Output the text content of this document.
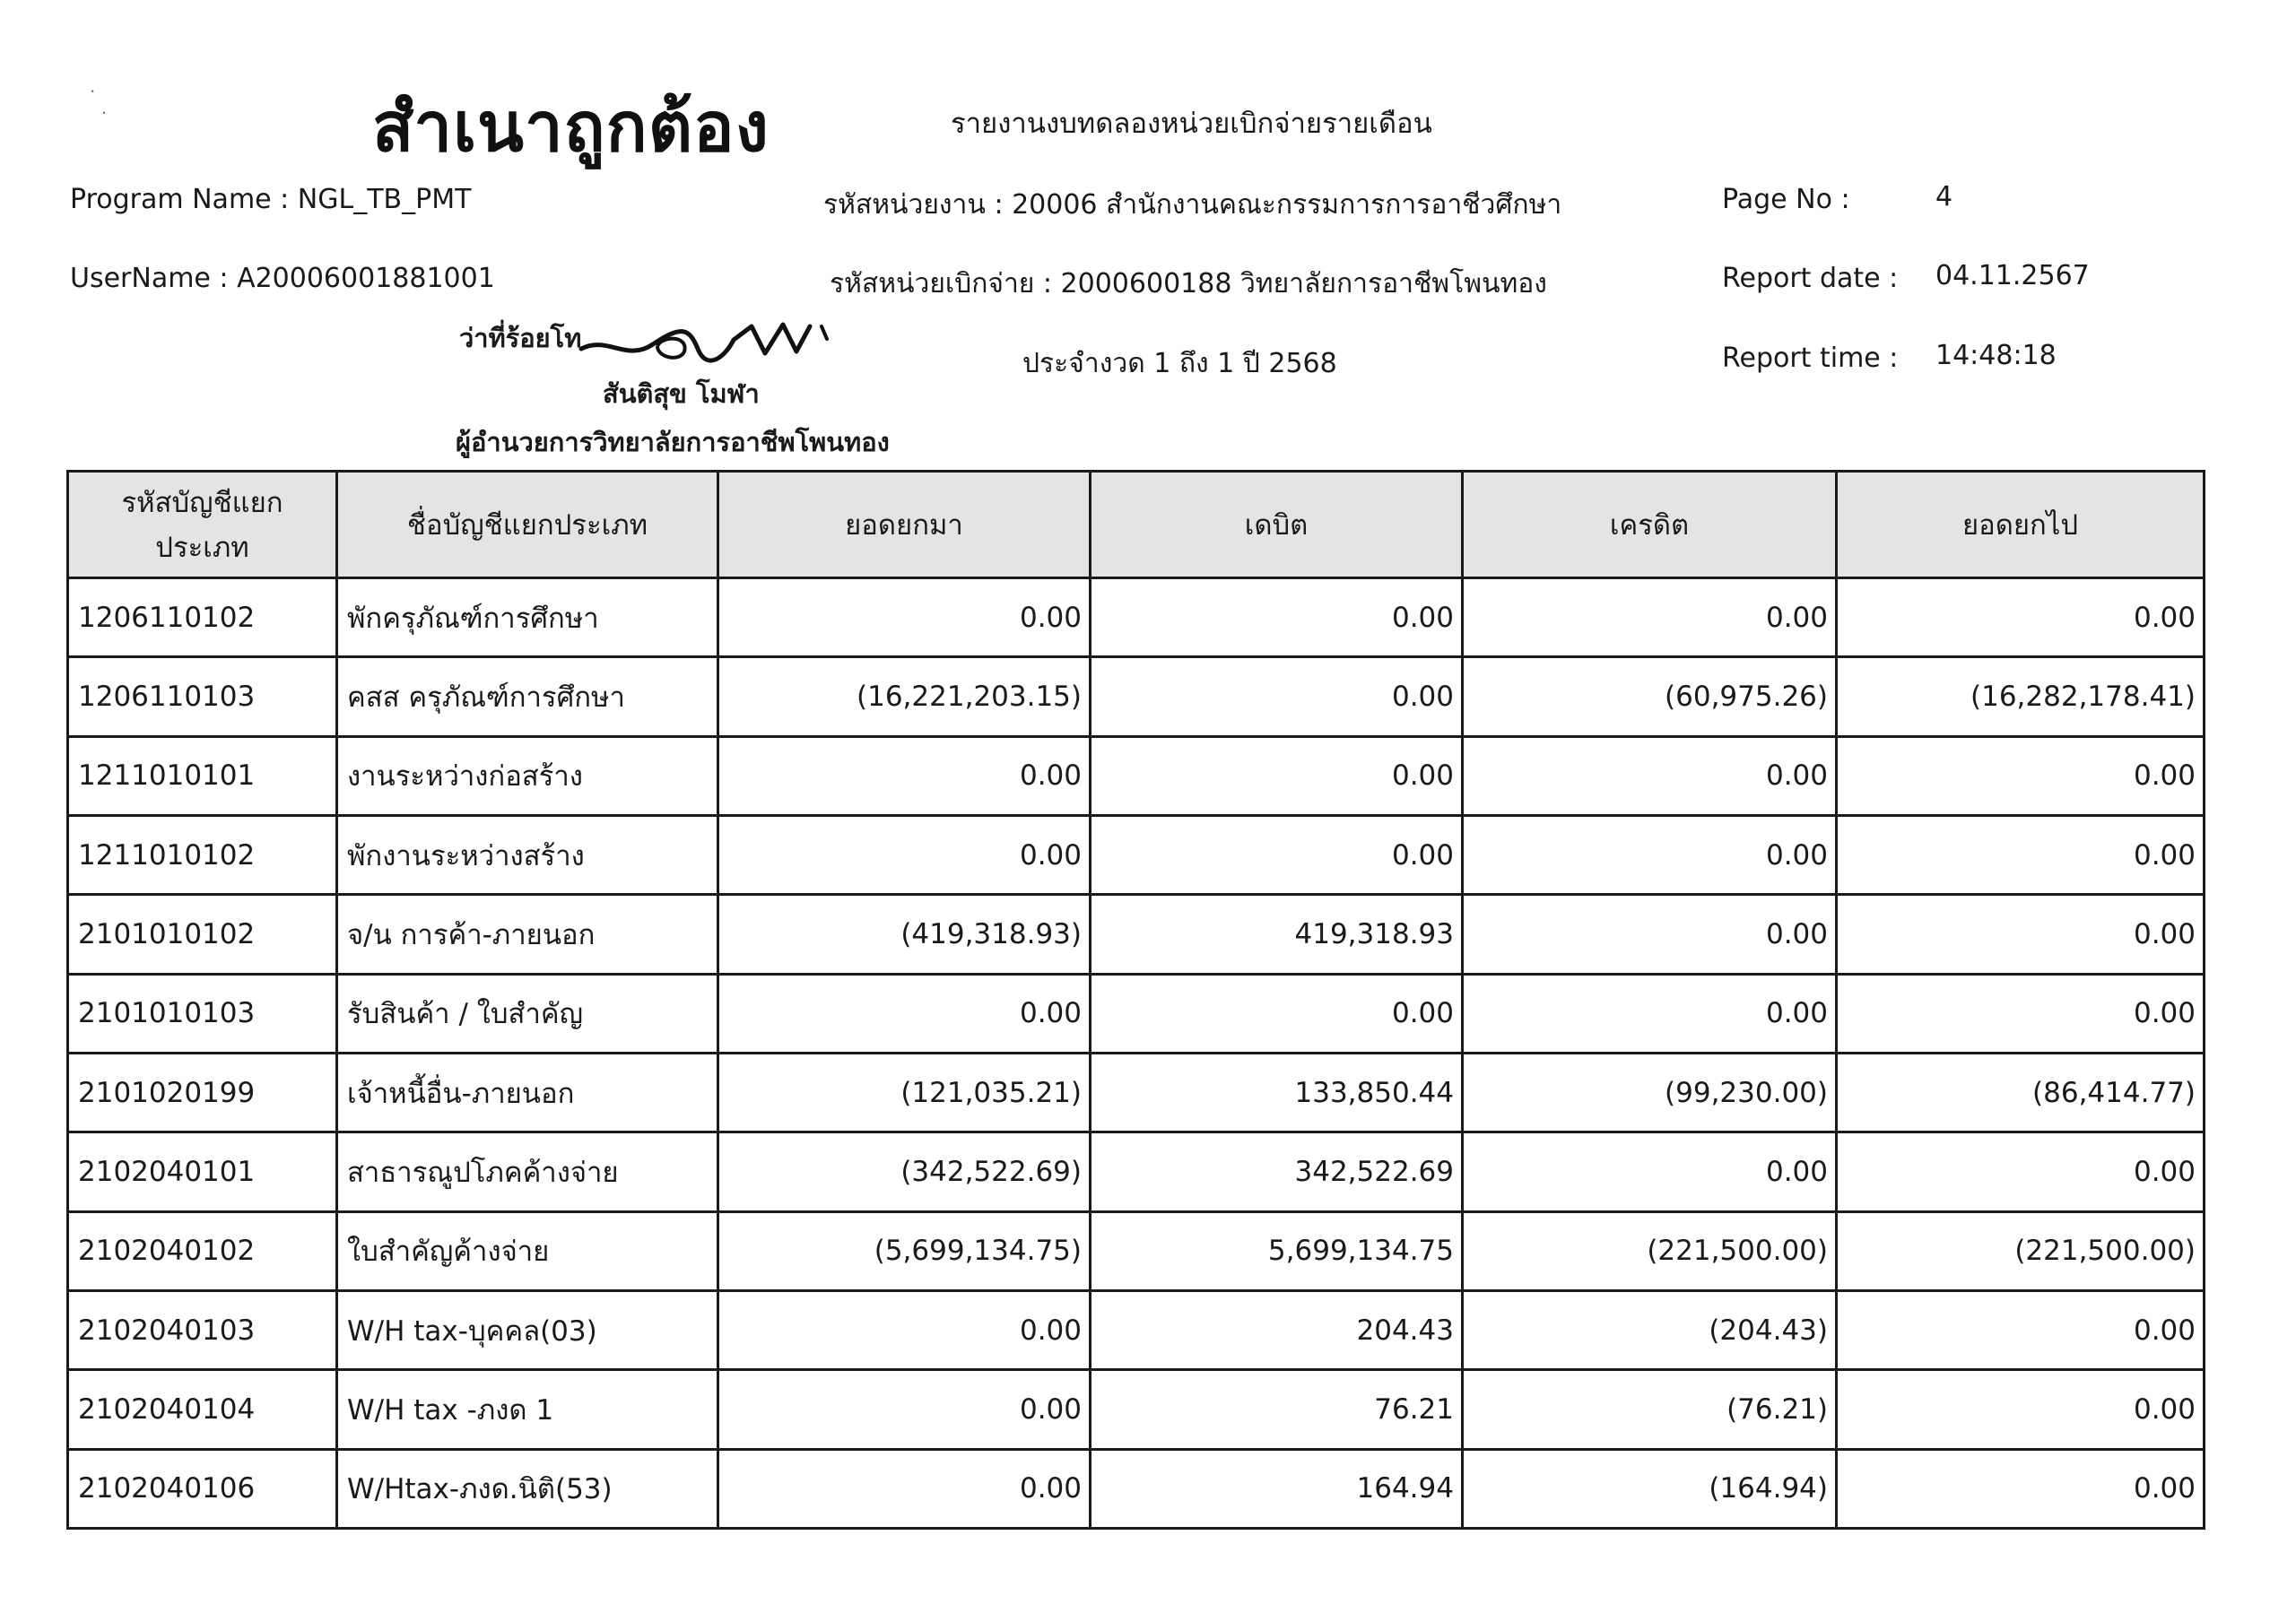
·
·	สำเนาถูกต้อง	รายงานงบทดลองหน่วยเบิกจ่ายรายเดือน
Program Name : NGL_TB_PMT
UserName : A20006001881001
รหัสหน่วยงาน : 20006 สำนักงานคณะกรรมการการอาชีวศึกษา
รหัสหน่วยเบิกจ่าย : 2000600188 วิทยาลัยการอาชีพโพนทอง
ประจำงวด 1 ถึง 1 ปี 2568
Page No :	4
Report date : 04.11.2567
Report time : 14:48:18
ว่าที่ร้อยโท
สันติสุข โมฬา
ผู้อำนวยการวิทยาลัยการอาชีพโพนทอง
รหัสบัญชีแยกประเภท	ชื่อบัญชีแยกประเภท	ยอดยกมา	เดบิต	เครดิต	ยอดยกไป
1206110102	พักครุภัณฑ์การศึกษา	0.00	0.00	0.00	0.00
1206110103	คสส ครุภัณฑ์การศึกษา	(16,221,203.15)	0.00	(60,975.26)	(16,282,178.41)
1211010101	งานระหว่างก่อสร้าง	0.00	0.00	0.00	0.00
1211010102	พักงานระหว่างสร้าง	0.00	0.00	0.00	0.00
2101010102	จ/น การค้า-ภายนอก	(419,318.93)	419,318.93	0.00	0.00
2101010103	รับสินค้า / ใบสำคัญ	0.00	0.00	0.00	0.00
2101020199	เจ้าหนี้อื่น-ภายนอก	(121,035.21)	133,850.44	(99,230.00)	(86,414.77)
2102040101	สาธารณูปโภคค้างจ่าย	(342,522.69)	342,522.69	0.00	0.00
2102040102	ใบสำคัญค้างจ่าย	(5,699,134.75)	5,699,134.75	(221,500.00)	(221,500.00)
2102040103	W/H tax-บุคคล(03)	0.00	204.43	(204.43)	0.00
2102040104	W/H tax -ภงด 1	0.00	76.21	(76.21)	0.00
2102040106	W/Htax-ภงด.นิติ(53)	0.00	164.94	(164.94)	0.00
